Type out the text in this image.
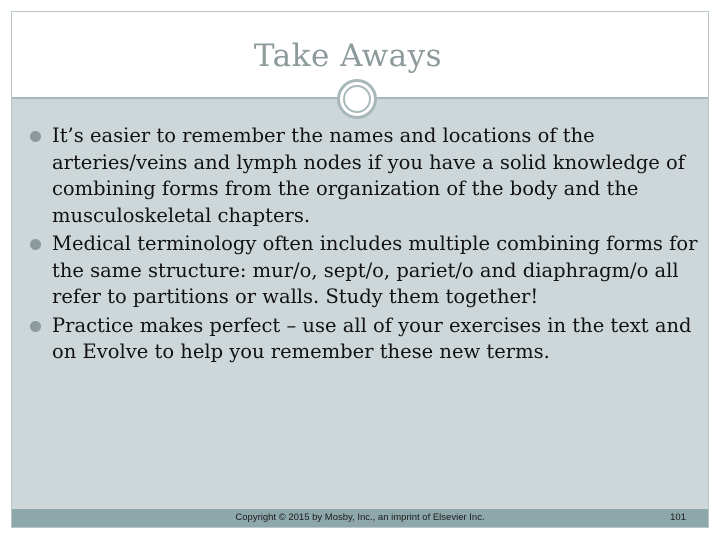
Take Aways
It’s easier to remember the names and locations of the arteries/veins and lymph nodes if you have a solid knowledge of combining forms from the organization of the body and the musculoskeletal chapters.
Medical terminology often includes multiple combining forms for the same structure: mur/o, sept/o, pariet/o and diaphragm/o all refer to partitions or walls. Study them together!
Practice makes perfect – use all of your exercises in the text and on Evolve to help you remember these new terms.
Copyright © 2015 by Mosby, Inc., an imprint of Elsevier Inc.	101
